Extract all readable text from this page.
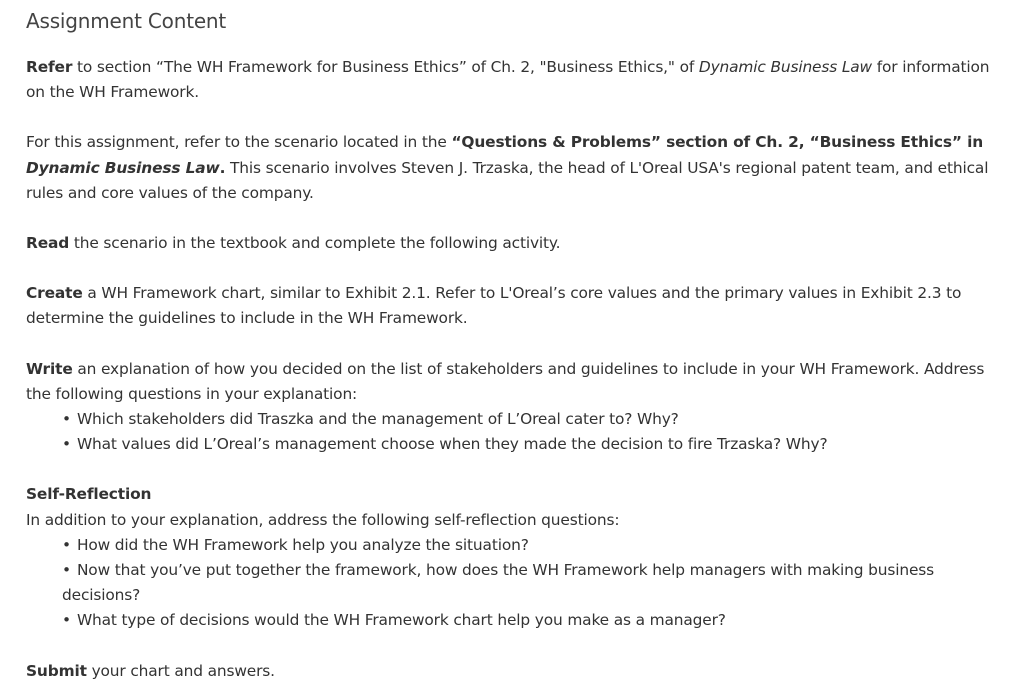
Assignment Content

Refer to section “The WH Framework for Business Ethics” of Ch. 2, "Business Ethics," of Dynamic Business Law for information on the WH Framework.

For this assignment, refer to the scenario located in the “Questions & Problems” section of Ch. 2, “Business Ethics” in Dynamic Business Law. This scenario involves Steven J. Trzaska, the head of L'Oreal USA's regional patent team, and ethical rules and core values of the company.

Read the scenario in the textbook and complete the following activity.

Create a WH Framework chart, similar to Exhibit 2.1. Refer to L'Oreal’s core values and the primary values in Exhibit 2.3 to determine the guidelines to include in the WH Framework.

Write an explanation of how you decided on the list of stakeholders and guidelines to include in your WH Framework. Address the following questions in your explanation:

• Which stakeholders did Traszka and the management of L’Oreal cater to? Why?
• What values did L’Oreal’s management choose when they made the decision to fire Trzaska? Why?

Self-Reflection
In addition to your explanation, address the following self-reflection questions:

• How did the WH Framework help you analyze the situation?
• Now that you’ve put together the framework, how does the WH Framework help managers with making business decisions?
• What type of decisions would the WH Framework chart help you make as a manager?

Submit your chart and answers.
